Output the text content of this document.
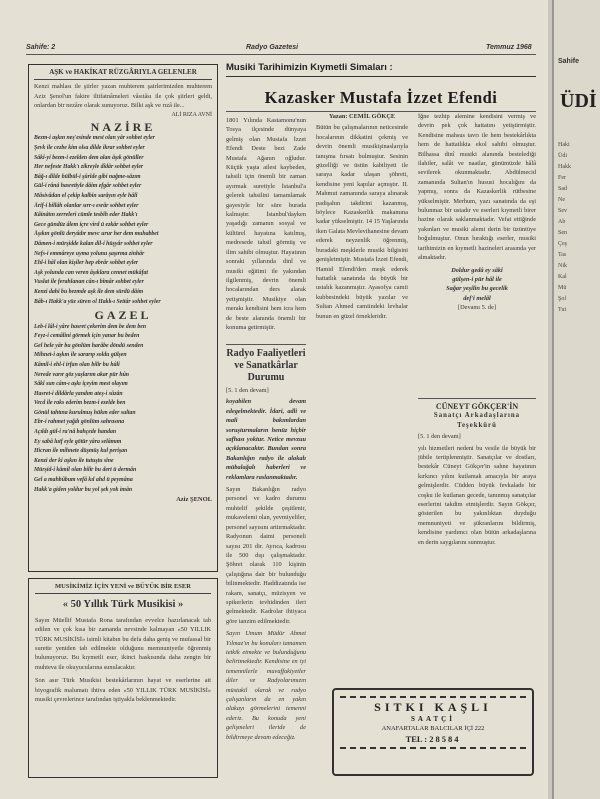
Sahife: 2	Radyo Gazetesi	Temmuz 1968
AŞK ve HAKİKAT RÜZGÂRIYLA GELENLER

Kenzi mahlası ile şiirler yazan muhterem şairlerimizden muhterem Aziz Şenol'un fakire iltifatnâmeleri vâsıtâsı ile çok şiirleri geldi, onlardan bir nezâre olarak sunuyoruz. Bilki aşk ve rızâ ile...

ALİ RIZA AVNİ
NAZİRE
Bezm-i aşkın neş'esinde mest olan yâr sohbet eyler
Şevk ile cezbe kim olsa dilde ikrar sohbet eyler
Sâkî-yi bezm-i ezelden dem alan âşık gönüller
Her nefeste Hakk'ı zikreyle dîdâr sohbet eyler
Bâğ-ı dilde bülbül-i şûrîde gibi nağme-sâzım
Gül-i rânâ hasretiyle dâim efgâr sohbet eyler
Mâsivâdan el çekip kalbin sarâyın eyle hâlî
Ârif-i billâh olanlar sırr-ı esrâr sohbet eyler
Kâinâtın zerreleri cümle tesbîh eder Hakk'ı
Gece gündüz âlem içre vird ü ezkâr sohbet eyler
Âşıkın gönlü deryâdır mevc urur her dem muhabbet
Dâmen-i mürşidde kalan dil-i hüşyâr sohbet eyler
Nefs-i emmâreye uyma yolunu şaşırma zinhâr
Ehl-i hâl olan kişiler hep ebrâr sohbet eyler
Aşk yolunda can veren âşıklara cennet mükâfat
Vuslat ile ferahlanan cân-ı bîmâr sohbet eyler
Kenzi dahi bu bezmde aşk ile dem sürdü dâim
Bâb-ı Hakk'a yüz süren ol Hakk-ı Settâr sohbet eyler
GAZEL
Leb-i lâl-i yâre hasret çekerim dem be dem ben
Feyz-i cemâlini görmek için yanar bu beden
Gel hele yâr bu gönlüm harâbe döndü senden
Mihnet-i aşkın ile sararıp soldu gülşen
Kâmil-i ehl-i irfan olan bilir bu hâli
Nerede varır göz yaşlarım akar pür hûn
Sâkî sun câm-ı aşkı içeyim mest olayım
Hasret-i dildârla yandım ateş-i sûzân
Vecd ile raks ederim bezm-i ezelde ben
Gönül tahtına kurulmuş hükm eder sultan
Ebr-i rahmet yağdı gönlüm sahrasına
Açıldı gül-i ra'nâ bahçede handan
Ey sabâ lutf eyle götür yâra selâmım
Hicran ile mihnete düşmüş kul perişan
Kenzi der ki aşkın ile tutuştu sîne
Mürşid-i kâmil olan bilir bu dert ü dermân
Gel a mahbûbum vefâ kıl ahd ü peymâna
Hakk'a giden yoldur bu yol şek yok imân
Aziz ŞENOL
MUSİKİMİZ İÇİN YENİ ve BÜYÜK BİR ESER
« 50 Yıllık Türk Musikisi »

Sayın Müellif Mustafa Rona tarafından evvelce hazırlanacak tab edilen ve çok kısa bir zamanda nevsinde kalmayan «50 YILLIK TÜRK MUSİKİSİ» isimli kitabın bu defa daha geniş ve mufassal bir surette yeniden tab edilmekte olduğunu memnuniyetle öğrenmiş bulunuyoruz. Bu kıymetli eser, ikinci baskısında daha zengin bir muhteva ile okuyucularına sunulacaktır.

Son asır Türk Musikisi bestekârlarının hayat ve eserlerine ait biyografik malumatı ihtiva eden «50 YILLIK TÜRK MUSİKİSİ» musiki çevrelerince tarafından iştiyakla beklenmektedir.

Musiki Tarihimizin Kıymetli Simaları :
Kazasker Mustafa İzzet Efendi

1801 Yılında Kastamonu'nun Tosya ilçesinde dünyaya gelmiş olan Mustafa İzzet Efendi Deste bezi Zade Mustafa Ağanın oğludur. Küçük yaşta ailesi kaybeden, tahsili için önemli bir zaman ayırmak suretiyle İstanbul'a gelerek tahsilini tamamlamak gayesiyle bir süre burada kalmıştır. İstanbul'dayken yaşadığı zamanın sosyal ve kültürel hayatına katılmış, medresede tahsil görmüş ve ilim sahibi olmuştur. Hayatının sonraki yıllarında dinî ve musiki eğitimi ile yakından ilgilenmiş, devrin önemli hocalarından ders alarak yetişmiştir. Musikiye olan merakı kendisini hem icra hem de beste alanında önemli bir konuma getirmiştir.

Radyo Faaliyetleri ve Sanatkârlar Durumu
[5. 1 den devam]

koyabilen devam edegelmektedir. İdari, adli ve mali bakımlardan soruşturmaların henüz hiçbir safhası yoktur. Netice mevzuu açıklanacaktır. Bundan sonra Bakanlığın radyo ile alakalı mübalağalı haberleri ve reklamlara raslanmaktadır.

Sayın Bakanlığın radyo personel ve kadro durumu muhtelif şekilde çeşitlenir, mukavelemi olan, yevmiyeliler, personel sayısını arttırmaktadır. Radyonun daimi personeli sayısı 201 dir. Ayrıca, kadrosu ile 500 dışı çalışmaktadır. Şöhret olarak 110 kişinin çalıştığına dair bir bulunduğu bilinmektedir. Haddizatında ise rakam, sanatçı, müzisyen ve spikerlerin tevhidinden ileri gelmektedir. Kadrolar ihtiyaca göre tanzim edilmektedir.

Sayın Umum Müdür Ahmet Yılmaz'ın bu konuları tamamen tetkik etmekte ve bulunduğunu belirtmektedir. Kendisine en iyi temennilerle muvaffakiyetler diler ve Radyolarımızın müstakil olarak ve radyo çalışanların da en yakın alakayı görmelerini temenni ederiz. Bu konuda yeni gelişmeleri ileride de bildirmeye devam edeceğiz.

Yazan: CEMİL GÖKÇE

Bütün bu çalışmalarının neticesinde hocalarının dikkatini çekmiş ve devrin önemli musikişinaslarıyla tanışma fırsatı bulmuştur. Sesinin güzelliği ve üstün kabiliyeti ile saraya kadar ulaşan şöhreti, kendisine yeni kapılar açmıştır. II. Mahmut zamanında saraya alınarak padişahın takdirini kazanmış, böylece Kazaskerlik makamına kadar yükselmiştir. 14 15 Yaşlarında iken Galata Mevlevihanesine devam ederek neyzenlik öğrenmiş, buradaki meşklerle musiki bilgisini genişletmiştir. Mustafa İzzet Efendi, Hamid Efendi'den meşk ederek hattatlık sanatında da büyük bir ustalık kazanmıştır. Ayasofya camii kubbesindeki büyük yazılar ve Sultan Ahmed camiindeki levhalar bunun en güzel örnekleridir.

İğne tezhip alemine kendisini vermiş ve devrin pek çok hattatını yetiştirmiştir. Kendisine mahsus tavrı ile hem bestekârlıkta hem de hattatlıkta ekol sahibi olmuştur. Bilhassa dinî musiki alanında bestelediği ilahiler, salât ve naatlar, günümüzde hâlâ sevilerek okunmaktadır. Abdülmecid zamanında Sultan'ın hususi hocalığını da yapmış, sonra da Kazaskerlik rütbesine yükselmiştir. Merhum, yazı sanatında da eşi bulunmaz bir ustadır ve eserleri kıymetli birer hazine olarak saklanmaktadır. Vefat ettiğinde yakınları ve musiki alemi derin bir üzüntüye boğulmuştur. Onun bıraktığı eserler, musiki tarihimizin en kıymetli hazineleri arasında yer almaktadır.

Doldur gedâ ey sâkî
gülşen-i pür hâl ile
Sağar yeşilin bu gecelik
def'i melâl
[Devamı 5. de]
CÜNEYT GÖKÇER'İN
Sanatçı Arkadaşlarına Teşekkürü
[5. 1 den devam]

yılı hizmetleri nedeni bu vesile ile büyük bir jübile tertiplenmiştir. Sanatçılar ve dostları, bestekâr Cüneyt Gökçer'in sahne hayatının kırkıncı yılını kutlamak amacıyla bir araya gelmişlerdir. Cüdden büyük fevkalade bir coşku ile kutlanan gecede, tanınmış sanatçılar eserlerini takdim etmişlerdir. Sayın Gökçer, gösterilen bu yakınlıktan duyduğu memnuniyeti ve şükranlarını bildirmiş, kendisine yardımcı olan bütün arkadaşlarına en derin saygılarını sunmuştur.

SITKI KAŞLI
SAATÇİ
ANAFARTALAR BALCILAR İÇİ 222
TEL : 28584
Sahife
ÜDİ
Haki
Üdi
Hakk
Fer
Sad
Ne
Sev
Ab
Sen
Çeş
Tas
Nik
Kal
Mü
Şol
Tut
